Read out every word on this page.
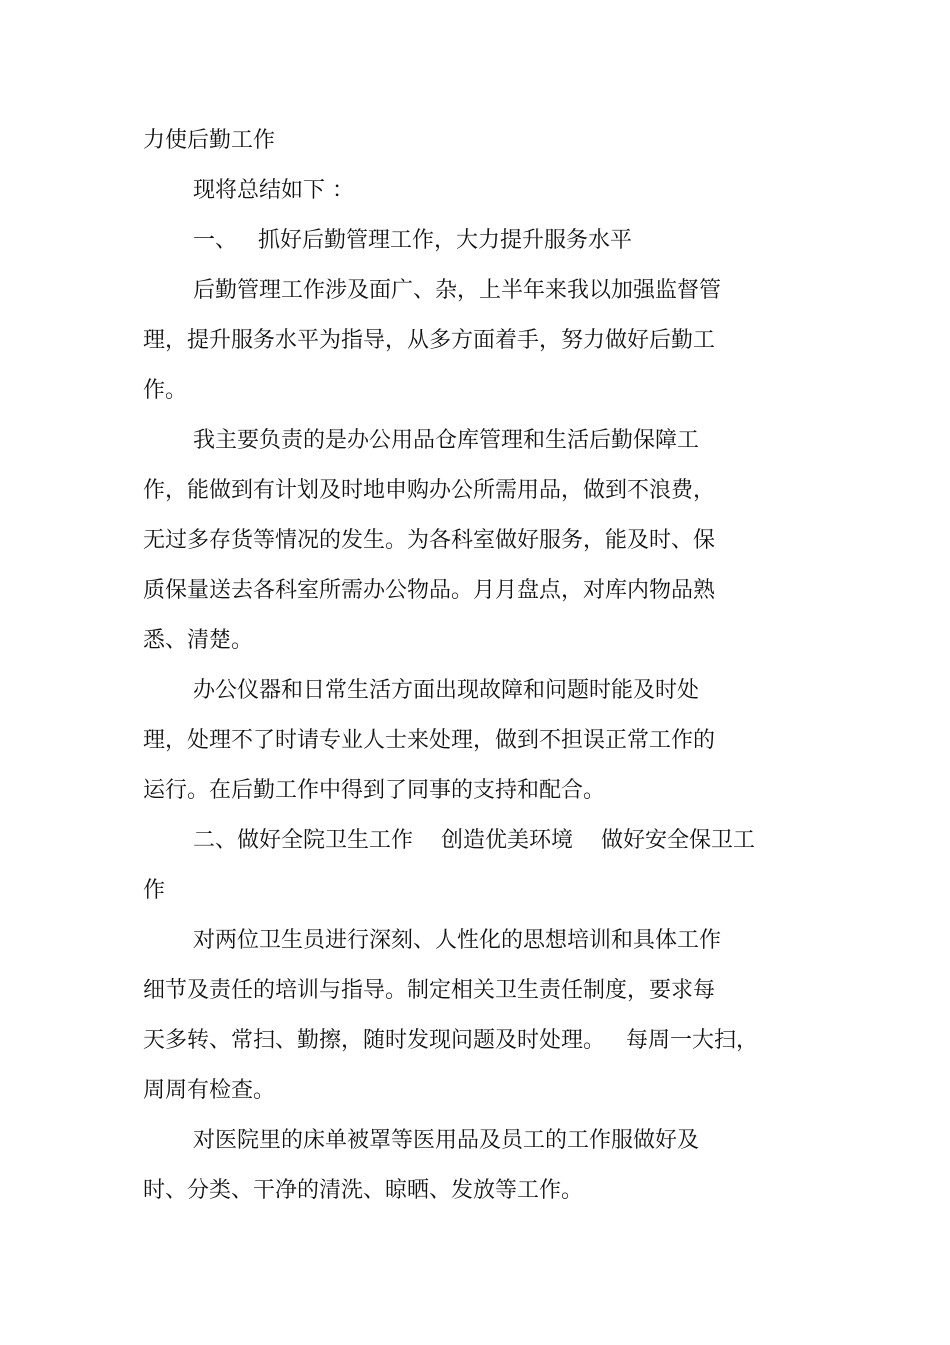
力使后勤工作
现将总结如下 ：
一、   抓好后勤管理工作，大力提升服务水平
后勤管理工作涉及面广、杂，上半年来我以加强监督管
理，提升服务水平为指导，从多方面着手，努力做好后勤工
作。
我主要负责的是办公用品仓库管理和生活后勤保障工
作，能做到有计划及时地申购办公所需用品，做到不浪费，
无过多存货等情况的发生。为各科室做好服务，能及时、保
质保量送去各科室所需办公物品。月月盘点，对库内物品熟
悉、清楚。
办公仪器和日常生活方面出现故障和问题时能及时处
理，处理不了时请专业人士来处理，做到不担误正常工作的
运行。在后勤工作中得到了同事的支持和配合。
二、做好全院卫生工作    创造优美环境    做好安全保卫工
作
对两位卫生员进行深刻、人性化的思想培训和具体工作
细节及责任的培训与指导。制定相关卫生责任制度，要求每
天多转、常扫、勤擦，随时发现问题及时处理。   每周一大扫，
周周有检查。
对医院里的床单被罩等医用品及员工的工作服做好及
时、分类、干净的清洗、晾晒、发放等工作。
